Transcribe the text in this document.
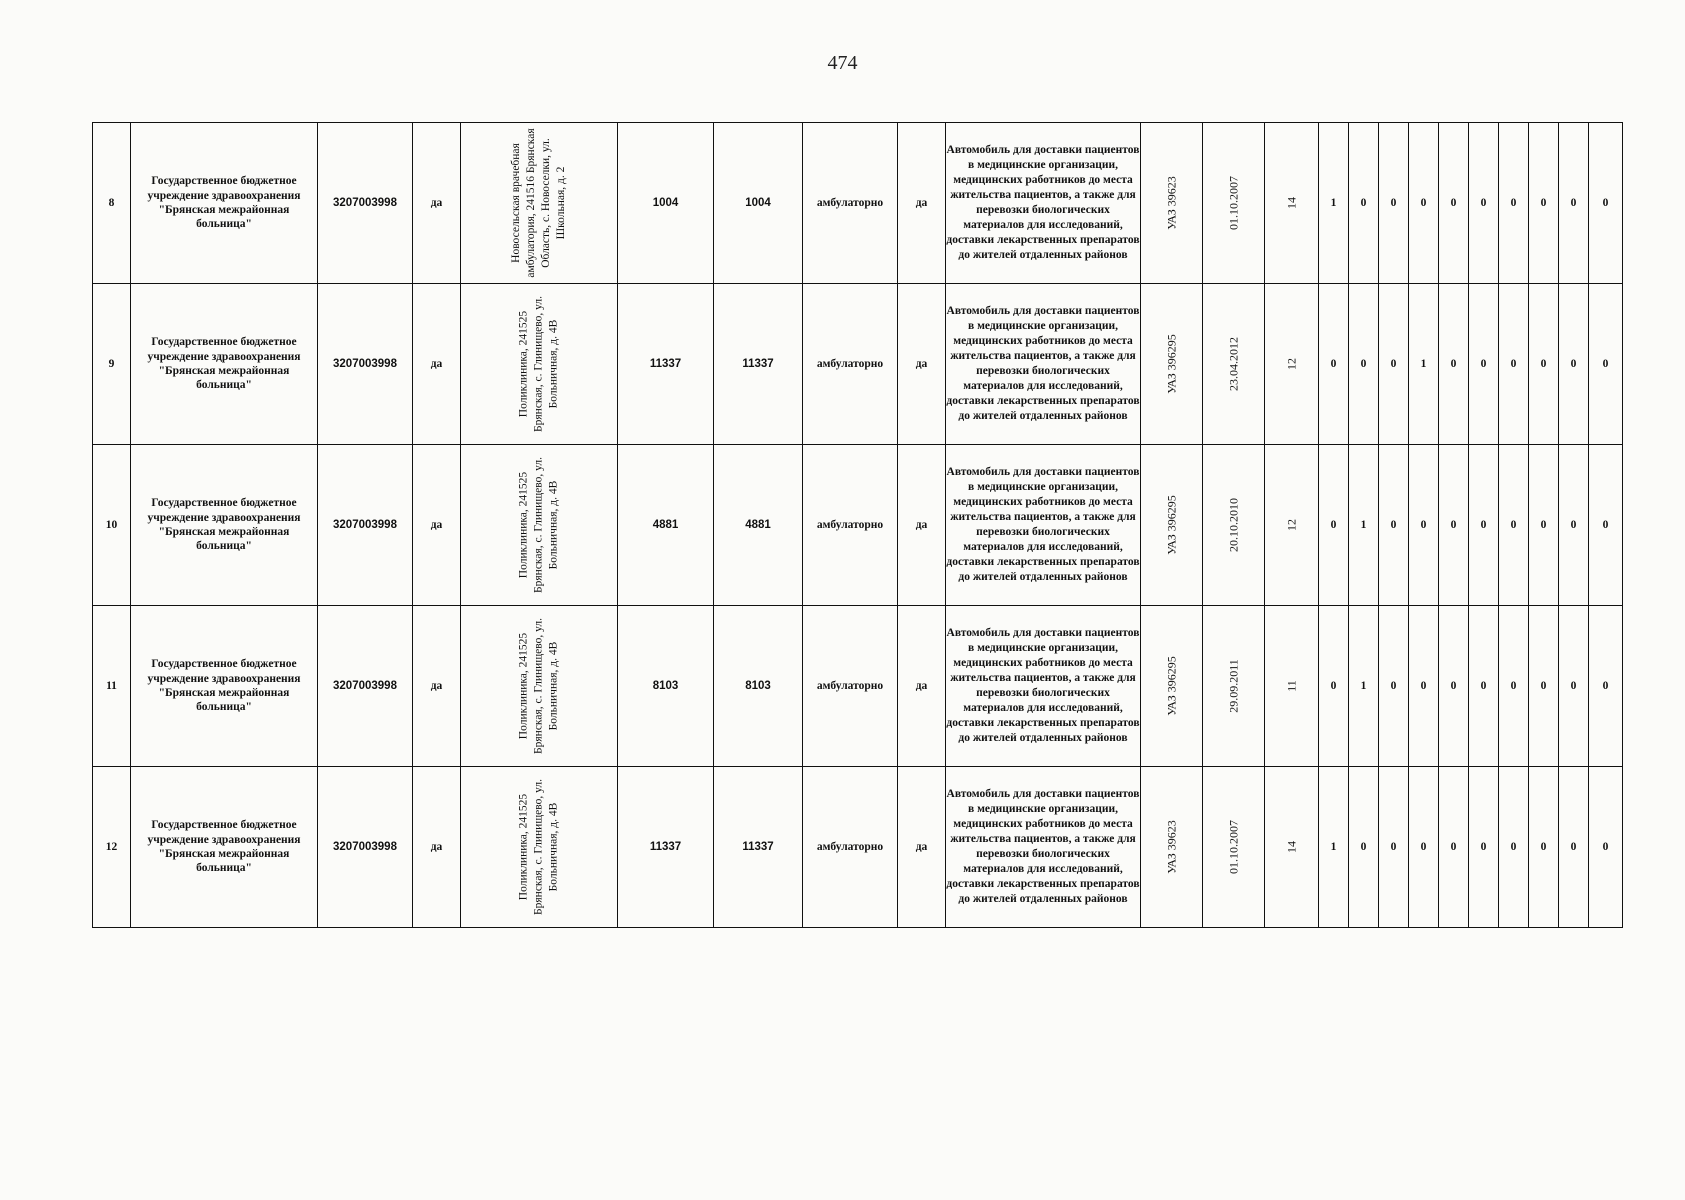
474
8	Государственное бюджетное учреждение здравоохранения "Брянская межрайонная больница"	3207003998	да	Новосельская врачебная амбулатория, 241516 Брянская Область, с. Новоселки, ул. Школьная, д. 2	1004	1004	амбулаторно	да	Автомобиль для доставки пациентов в медицинские организации, медицинских работников до места жительства пациентов, а также для перевозки биологических материалов для исследований, доставки лекарственных препаратов до жителей отдаленных районов	УАЗ 39623	01.10.2007	14	1	0	0	0	0	0	0	0	0	0
9	Государственное бюджетное учреждение здравоохранения "Брянская межрайонная больница"	3207003998	да	Поликлиника, 241525 Брянская, с. Глинищево, ул. Больничная, д. 4В	11337	11337	амбулаторно	да	Автомобиль для доставки пациентов в медицинские организации, медицинских работников до места жительства пациентов, а также для перевозки биологических материалов для исследований, доставки лекарственных препаратов до жителей отдаленных районов	УАЗ 396295	23.04.2012	12	0	0	0	1	0	0	0	0	0	0
10	Государственное бюджетное учреждение здравоохранения "Брянская межрайонная больница"	3207003998	да	Поликлиника, 241525 Брянская, с. Глинищево, ул. Больничная, д. 4В	4881	4881	амбулаторно	да	Автомобиль для доставки пациентов в медицинские организации, медицинских работников до места жительства пациентов, а также для перевозки биологических материалов для исследований, доставки лекарственных препаратов до жителей отдаленных районов	УАЗ 396295	20.10.2010	12	0	1	0	0	0	0	0	0	0	0
11	Государственное бюджетное учреждение здравоохранения "Брянская межрайонная больница"	3207003998	да	Поликлиника, 241525 Брянская, с. Глинищево, ул. Больничная, д. 4В	8103	8103	амбулаторно	да	Автомобиль для доставки пациентов в медицинские организации, медицинских работников до места жительства пациентов, а также для перевозки биологических материалов для исследований, доставки лекарственных препаратов до жителей отдаленных районов	УАЗ 396295	29.09.2011	11	0	1	0	0	0	0	0	0	0	0
12	Государственное бюджетное учреждение здравоохранения "Брянская межрайонная больница"	3207003998	да	Поликлиника, 241525 Брянская, с. Глинищево, ул. Больничная, д. 4В	11337	11337	амбулаторно	да	Автомобиль для доставки пациентов в медицинские организации, медицинских работников до места жительства пациентов, а также для перевозки биологических материалов для исследований, доставки лекарственных препаратов до жителей отдаленных районов	УАЗ 39623	01.10.2007	14	1	0	0	0	0	0	0	0	0	0
